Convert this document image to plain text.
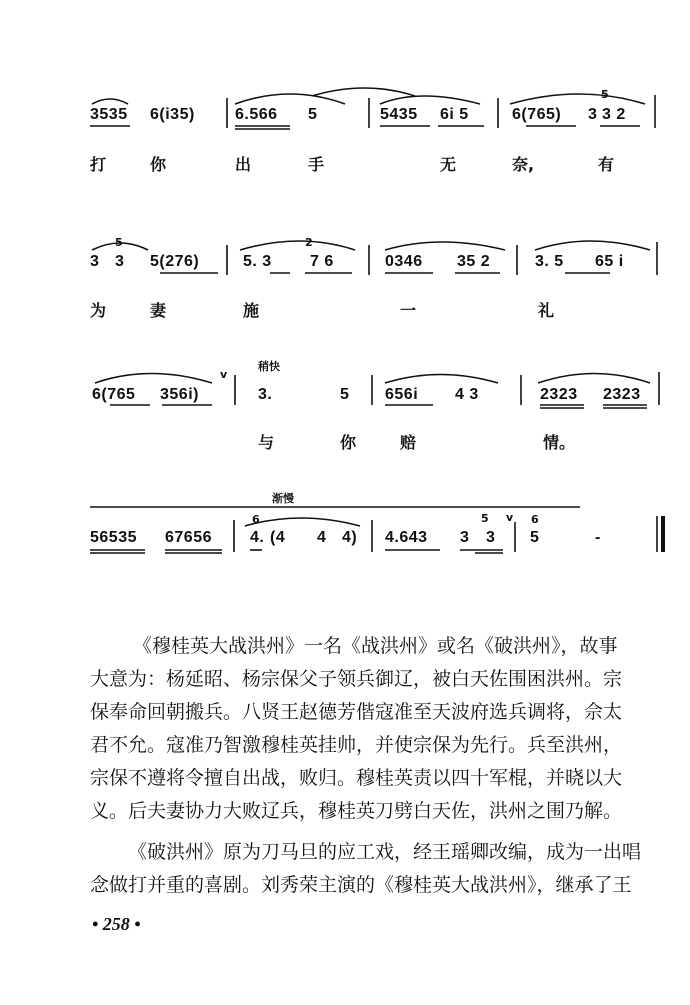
3535 6(i35)	6.566 5	5435 6i 5	6(765) 3
5
3 2
打	你	出	手	无	奈,	有
3
5
3 5(276)	5. 3
2
7 6	0346 35 2	3. 5 65 i
为	妻	施	一	礼
稍快
6(765 356i)
v
3.	5 656i 4 3	2323 2323
与	你	赔	情。
渐慢
56535 67656
6
4. (4 4 4) 4.643 3
5
3
v 6
5	-
《穆桂英大战洪州》一名《战洪州》或名《破洪州》，故事
大意为：杨延昭、杨宗保父子领兵御辽，被白天佐围困洪州。宗
保奉命回朝搬兵。八贤王赵德芳偕寇准至天波府选兵调将，佘太
君不允。寇准乃智激穆桂英挂帅，并使宗保为先行。兵至洪州，
宗保不遵将令擅自出战，败归。穆桂英责以四十军棍，并晓以大
义。后夫妻协力大败辽兵，穆桂英刀劈白天佐，洪州之围乃解。
《破洪州》原为刀马旦的应工戏，经王瑶卿改编，成为一出唱
念做打并重的喜剧。刘秀荣主演的《穆桂英大战洪州》，继承了王
• 258 •
